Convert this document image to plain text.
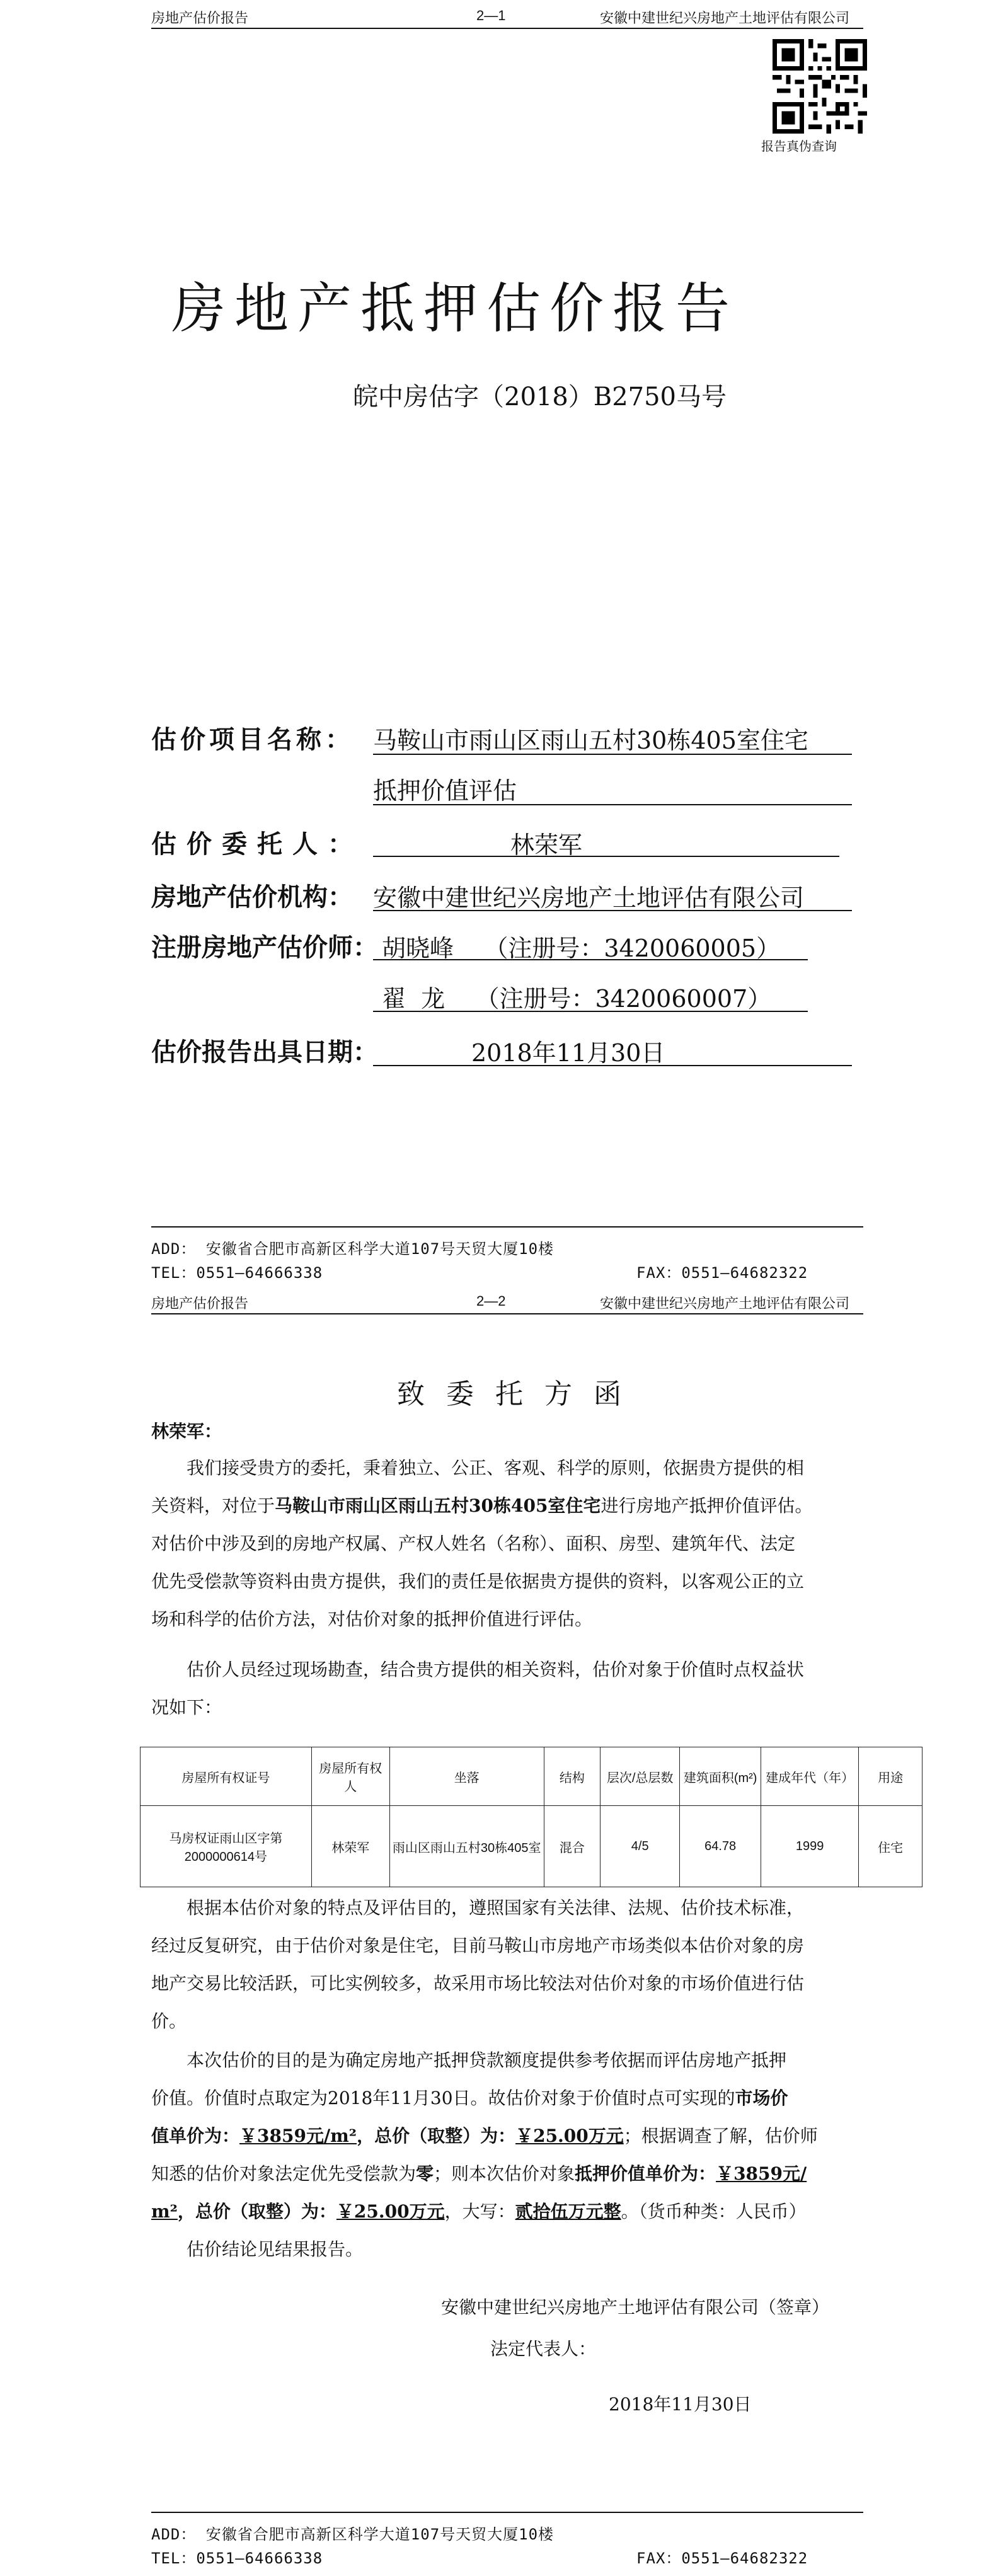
房地产估价报告	2—1	安徽中建世纪兴房地产土地评估有限公司
报告真伪查询
房地产抵押估价报告
皖中房估字（2018）B2750马号
估价项目名称： 马鞍山市雨山区雨山五村30栋405室住宅
抵押价值评估
估价委托人：	林荣军
房地产估价机构： 安徽中建世纪兴房地产土地评估有限公司
注册房地产估价师： 胡晓峰    （注册号：3420060005）
翟  龙    （注册号：3420060007）
估价报告出具日期：	2018年11月30日
ADD： 安徽省合肥市高新区科学大道107号天贸大厦10楼
TEL：0551—64666338	FAX：0551—64682322
房地产估价报告	2—2	安徽中建世纪兴房地产土地评估有限公司
致委托方函
林荣军：
我们接受贵方的委托，秉着独立、公正、客观、科学的原则，依据贵方提供的相
关资料，对位于马鞍山市雨山区雨山五村30栋405室住宅进行房地产抵押价值评估。
对估价中涉及到的房地产权属、产权人姓名（名称）、面积、房型、建筑年代、法定
优先受偿款等资料由贵方提供，我们的责任是依据贵方提供的资料，以客观公正的立
场和科学的估价方法，对估价对象的抵押价值进行评估。
估价人员经过现场勘查，结合贵方提供的相关资料，估价对象于价值时点权益状
况如下：
房屋所有权证号	房屋所有权人	坐落	结构	层次/总层数	建筑面积(m²)	建成年代（年）	用途
马房权证雨山区字第2000000614号	林荣军	雨山区雨山五村30栋405室	混合	4/5	64.78	1999	住宅
根据本估价对象的特点及评估目的，遵照国家有关法律、法规、估价技术标准，
经过反复研究，由于估价对象是住宅，目前马鞍山市房地产市场类似本估价对象的房
地产交易比较活跃，可比实例较多，故采用市场比较法对估价对象的市场价值进行估
价。
本次估价的目的是为确定房地产抵押贷款额度提供参考依据而评估房地产抵押
价值。价值时点取定为2018年11月30日。故估价对象于价值时点可实现的市场价
值单价为：￥3859元/m²，总价（取整）为：￥25.00万元；根据调查了解，估价师
知悉的估价对象法定优先受偿款为零；则本次估价对象抵押价值单价为：￥3859元/
m²，总价（取整）为：￥25.00万元，大写：贰拾伍万元整。（货币种类：人民币）
估价结论见结果报告。
安徽中建世纪兴房地产土地评估有限公司（签章）
法定代表人：
2018年11月30日
ADD： 安徽省合肥市高新区科学大道107号天贸大厦10楼
TEL：0551—64666338	FAX：0551—64682322
